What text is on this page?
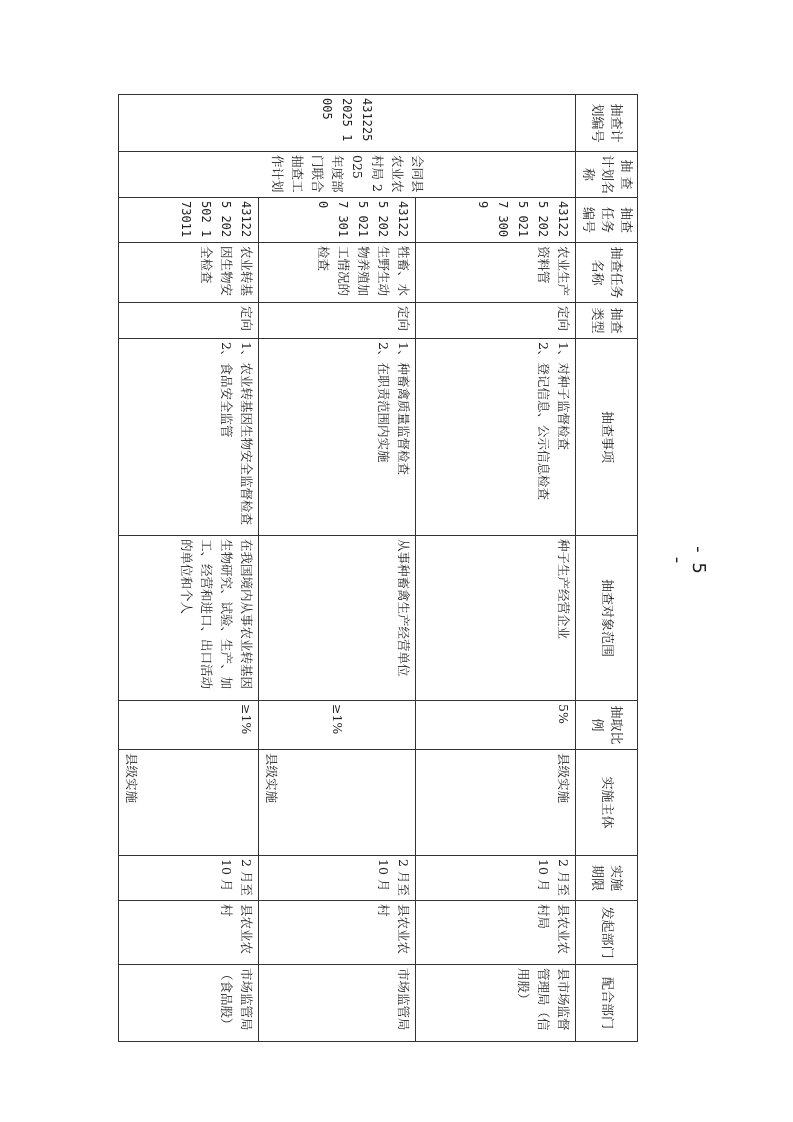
- 5 -
抽查计划编号	抽 查 计划名称	抽查任务编号	抽查任务名称	抽查类型	抽查事项	抽查对象范围	抽取比例	实施主体	实施期限	发起部门	配合部门
431225 2025 1005	会同县农业农村局 2025 年度部门联合抽查工作计划	431225 2025 0217 3009	农业生产资料管	定向	1、对种子监督检查
2、登记信息、公示信息检查	种子生产经营企业	5%	县级实施	2 月至 10 月	县农业农村局	县市场监督管理局（信用股）
		431225 2025 0217 3010	牲畜、水生野生动物养殖加工情况的检查	定向	1、种畜禽质量监督检查
2、在职责范围内实施	从事种畜禽生产经营单位	≥1%	县级实施	2 月至 10 月	县农业农村	市场监管局
		431225 202502 173011	农业转基因生物安全检查	定向	1、农业转基因生物安全监督检查
2、食品安全监管	在我国境内从事农业转基因生物研究、试验、生产、加工、经营和进口、出口活动的单位和个人	≥1%	县级实施	2 月至 10 月	县农业农村	市场监管局（食品股）
